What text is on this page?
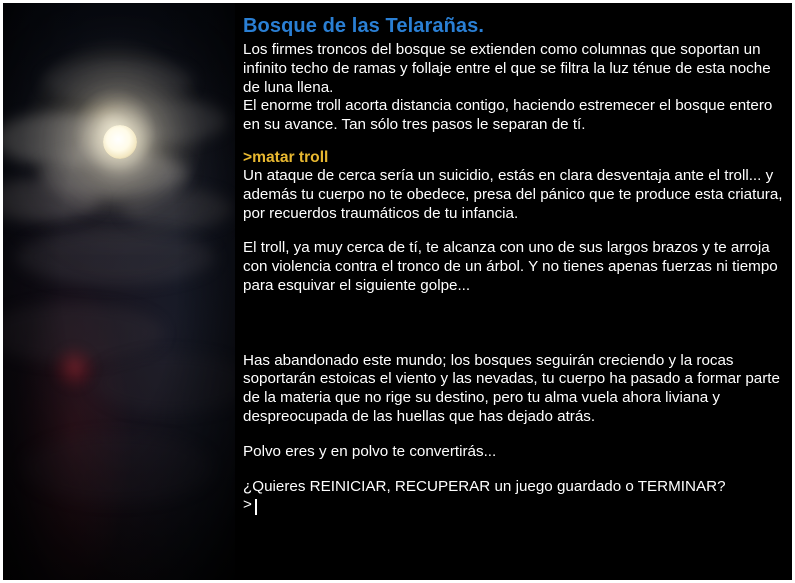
Bosque de las Telarañas.

Los firmes troncos del bosque se extienden como columnas que soportan un infinito techo de ramas y follaje entre el que se filtra la luz ténue de esta noche de luna llena.

El enorme troll acorta distancia contigo, haciendo estremecer el bosque entero en su avance. Tan sólo tres pasos le separan de tí.

>matar troll

Un ataque de cerca sería un suicidio, estás en clara desventaja ante el troll... y además tu cuerpo no te obedece, presa del pánico que te produce esta criatura, por recuerdos traumáticos de tu infancia.

El troll, ya muy cerca de tí, te alcanza con uno de sus largos brazos y te arroja con violencia contra el tronco de un árbol. Y no tienes apenas fuerzas ni tiempo para esquivar el siguiente golpe...

Has abandonado este mundo; los bosques seguirán creciendo y la rocas soportarán estoicas el viento y las nevadas, tu cuerpo ha pasado a formar parte de la materia que no rige su destino, pero tu alma vuela ahora liviana y despreocupada de las huellas que has dejado atrás.

Polvo eres y en polvo te convertirás...

¿Quieres REINICIAR, RECUPERAR un juego guardado o TERMINAR?

>
